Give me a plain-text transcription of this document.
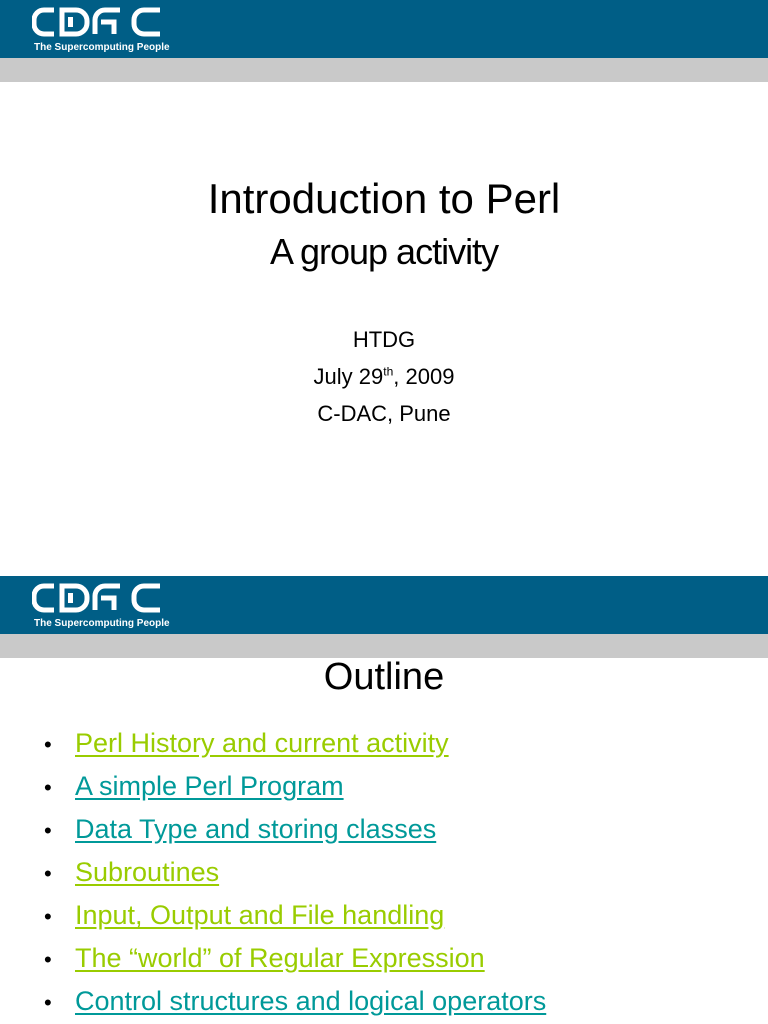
The Supercomputing People
Introduction to Perl
A group activity
HTDG
July 29th, 2009
C-DAC, Pune
The Supercomputing People
Outline
• Perl History and current activity
• A simple Perl Program
• Data Type and storing classes
• Subroutines
• Input, Output and File handling
• The “world” of Regular Expression
• Control structures and logical operators
